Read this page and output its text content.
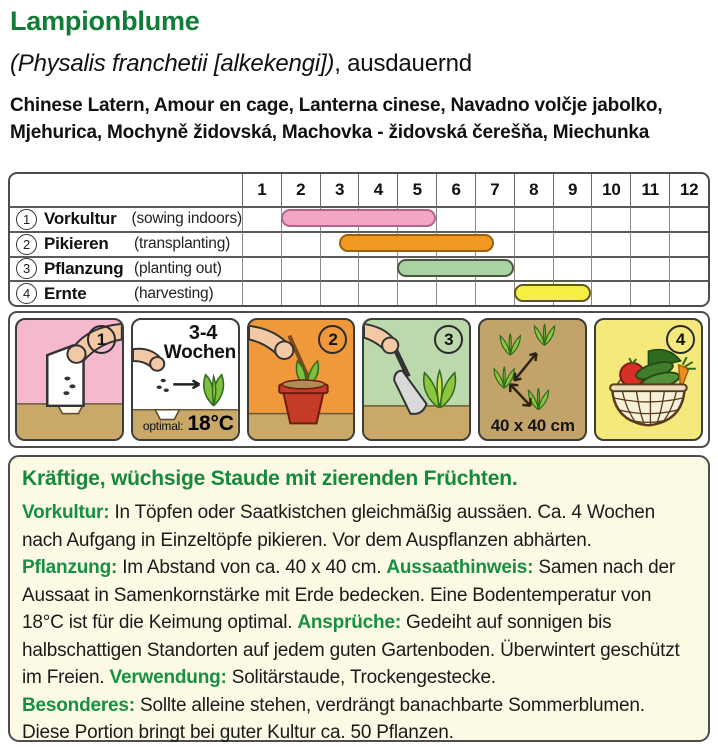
Lampionblume
(Physalis franchetii [alkekengi]), ausdauernd
Chinese Latern, Amour en cage, Lanterna cinese, Navadno volčje jabolko,
Mjehurica, Mochyně židovská, Machovka - židovská čerešňa, Miechunka
1	2	3	4	5	6	7	8	9	10	11	12
1 Vorkultur (sowing indoors)
2 Pikieren	(transplanting)
3 Pflanzung (planting out)
4 Ernte	(harvesting)
1	3-4
Wochen
optimal: 18°C
2	3
40 x 40 cm
4
Kräftige, wüchsige Staude mit zierenden Früchten.

Vorkultur: In Töpfen oder Saatkistchen gleichmäßig aussäen. Ca. 4 Wochen nach Aufgang in Einzeltöpfe pikieren. Vor dem Auspflanzen abhärten.

Pflanzung: Im Abstand von ca. 40 x 40 cm. Aussaathinweis: Samen nach der Aussaat in Samenkornstärke mit Erde bedecken. Eine Bodentemperatur von 18°C ist für die Keimung optimal. Ansprüche: Gedeiht auf sonnigen bis halbschattigen Standorten auf jedem guten Gartenboden. Überwintert geschützt im Freien. Verwendung: Solitärstaude, Trockengestecke.

Besonderes: Sollte alleine stehen, verdrängt banachbarte Sommerblumen. Diese Portion bringt bei guter Kultur ca. 50 Pflanzen.
